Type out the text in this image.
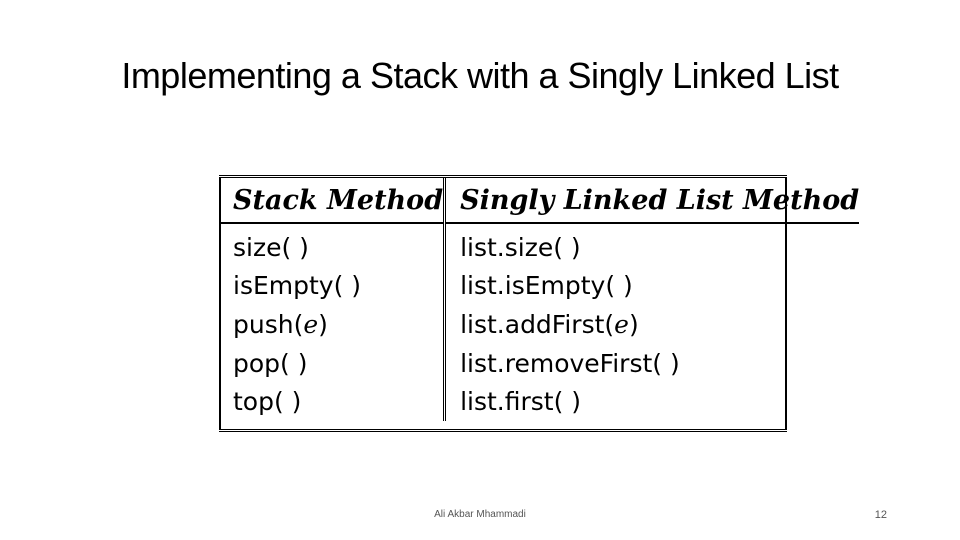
Implementing a Stack with a Singly Linked List
Stack Method	Singly Linked List Method
size( )	list.size( )
isEmpty( )	list.isEmpty( )
push(e)	list.addFirst(e)
pop( )	list.removeFirst( )
top( )	list.first( )
Ali Akbar Mhammadi	12
